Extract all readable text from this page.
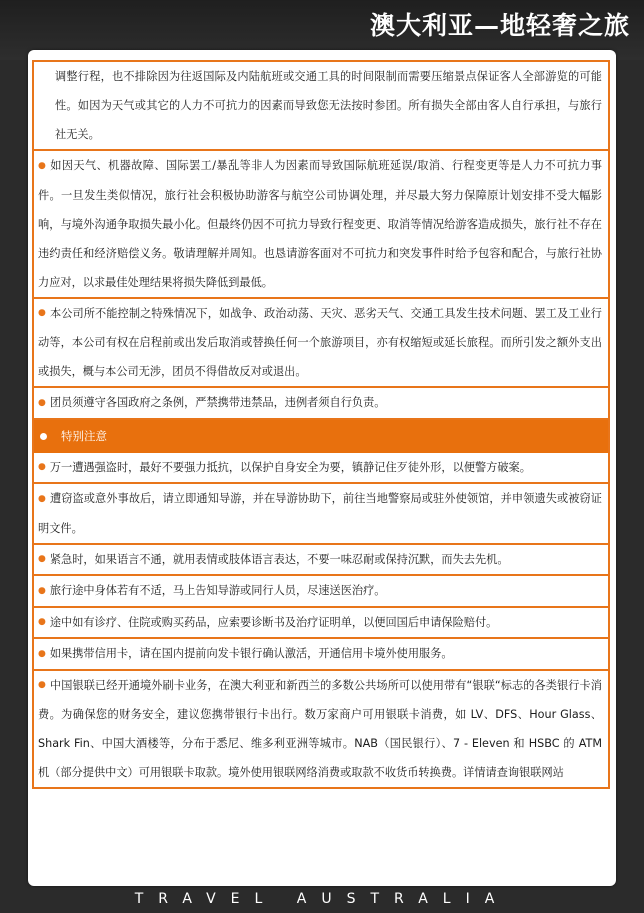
澳大利亚—地轻奢之旅

调整行程，也不排除因为往返国际及内陆航班或交通工具的时间限制而需要压缩景点保证客人全部游览的可能性。如因为天气或其它的人力不可抗力的因素而导致您无法按时参团。所有损失全部由客人自行承担，与旅行社无关。

● 如因天气、机器故障、国际罢工/暴乱等非人为因素而导致国际航班延误/取消、行程变更等是人力不可抗力事件。一旦发生类似情况，旅行社会积极协助游客与航空公司协调处理，并尽最大努力保障原计划安排不受大幅影响，与境外沟通争取损失最小化。但最终仍因不可抗力导致行程变更、取消等情况给游客造成损失，旅行社不存在违约责任和经济赔偿义务。敬请理解并周知。也恳请游客面对不可抗力和突发事件时给予包容和配合，与旅行社协力应对，以求最佳处理结果将损失降低到最低。

● 本公司所不能控制之特殊情况下，如战争、政治动荡、天灾、恶劣天气、交通工具发生技术问题、罢工及工业行动等，本公司有权在启程前或出发后取消或替换任何一个旅游项目，亦有权缩短或延长旅程。而所引发之额外支出或损失，概与本公司无涉，团员不得借故反对或退出。

● 团员须遵守各国政府之条例，严禁携带违禁品，违例者须自行负责。

特别注意

● 万一遭遇强盗时，最好不要强力抵抗，以保护自身安全为要，镇静记住歹徒外形，以便警方破案。

● 遭窃盗或意外事故后，请立即通知导游，并在导游协助下，前往当地警察局或驻外使领馆，并申领遗失或被窃证明文件。

● 紧急时，如果语言不通，就用表情或肢体语言表达，不要一味忍耐或保持沉默，而失去先机。

● 旅行途中身体若有不适，马上告知导游或同行人员，尽速送医治疗。

● 途中如有诊疗、住院或购买药品，应索要诊断书及治疗证明单，以便回国后申请保险赔付。

● 如果携带信用卡，请在国内提前向发卡银行确认激活，开通信用卡境外使用服务。

● 中国银联已经开通境外刷卡业务，在澳大利亚和新西兰的多数公共场所可以使用带有“银联“标志的各类银行卡消费。为确保您的财务安全，建议您携带银行卡出行。数万家商户可用银联卡消费，如 LV、DFS、Hour Glass、Shark Fin、中国大酒楼等，分布于悉尼、维多利亚洲等城市。NAB（国民银行）、7 - Eleven 和 HSBC 的 ATM 机（部分提供中文）可用银联卡取款。境外使用银联网络消费或取款不收货币转换费。详情请查询银联网站

TRAVEL AUSTRALIA
